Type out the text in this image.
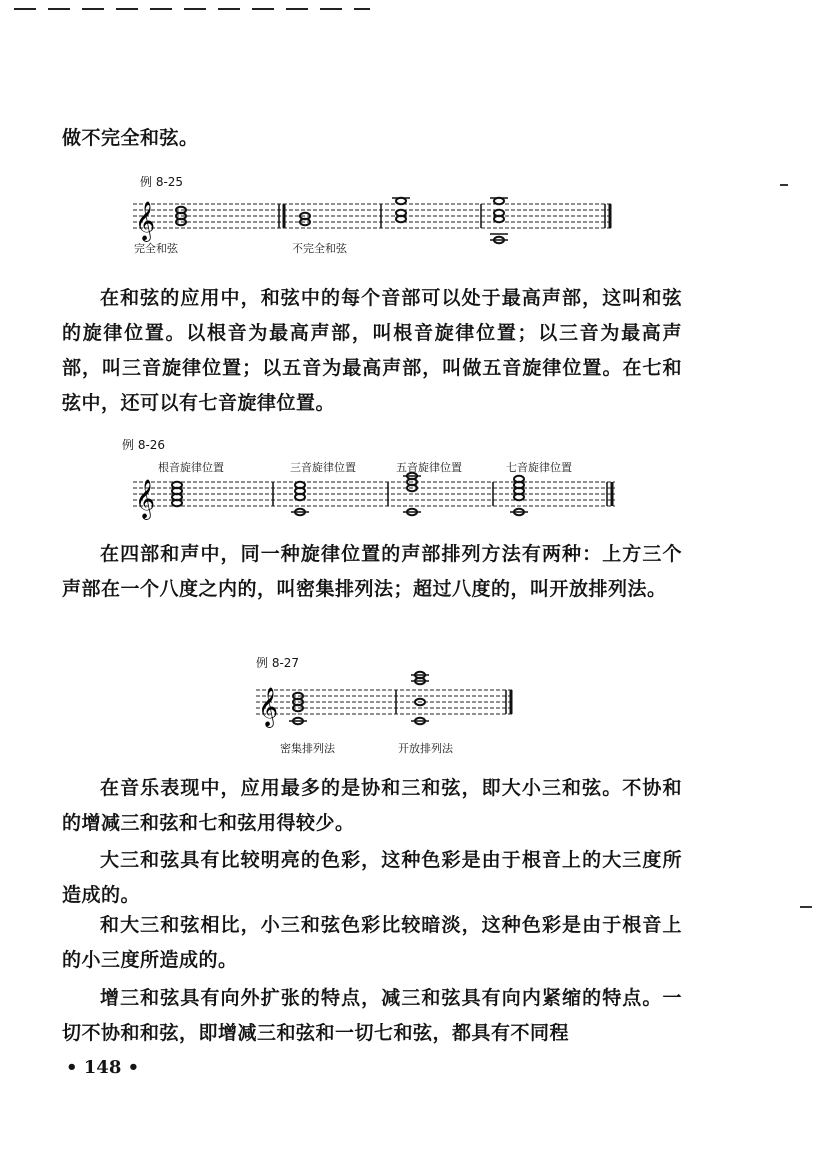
做不完全和弦。

例 8-25
𝄞
完全和弦	不完全和弦

在和弦的应用中，和弦中的每个音部可以处于最高声部，这叫和弦的旋律位置。以根音为最高声部，叫根音旋律位置；以三音为最高声部，叫三音旋律位置；以五音为最高声部，叫做五音旋律位置。在七和弦中，还可以有七音旋律位置。

例 8-26
根音旋律位置	三音旋律位置	五音旋律位置	七音旋律位置
𝄞

在四部和声中，同一种旋律位置的声部排列方法有两种：上方三个声部在一个八度之内的，叫密集排列法；超过八度的，叫开放排列法。

例 8-27
𝄞
密集排列法	开放排列法

在音乐表现中，应用最多的是协和三和弦，即大小三和弦。不协和的增减三和弦和七和弦用得较少。

大三和弦具有比较明亮的色彩，这种色彩是由于根音上的大三度所造成的。

和大三和弦相比，小三和弦色彩比较暗淡，这种色彩是由于根音上的小三度所造成的。

增三和弦具有向外扩张的特点，减三和弦具有向内紧缩的特点。一切不协和和弦，即增减三和弦和一切七和弦，都具有不同程

• 148 •
